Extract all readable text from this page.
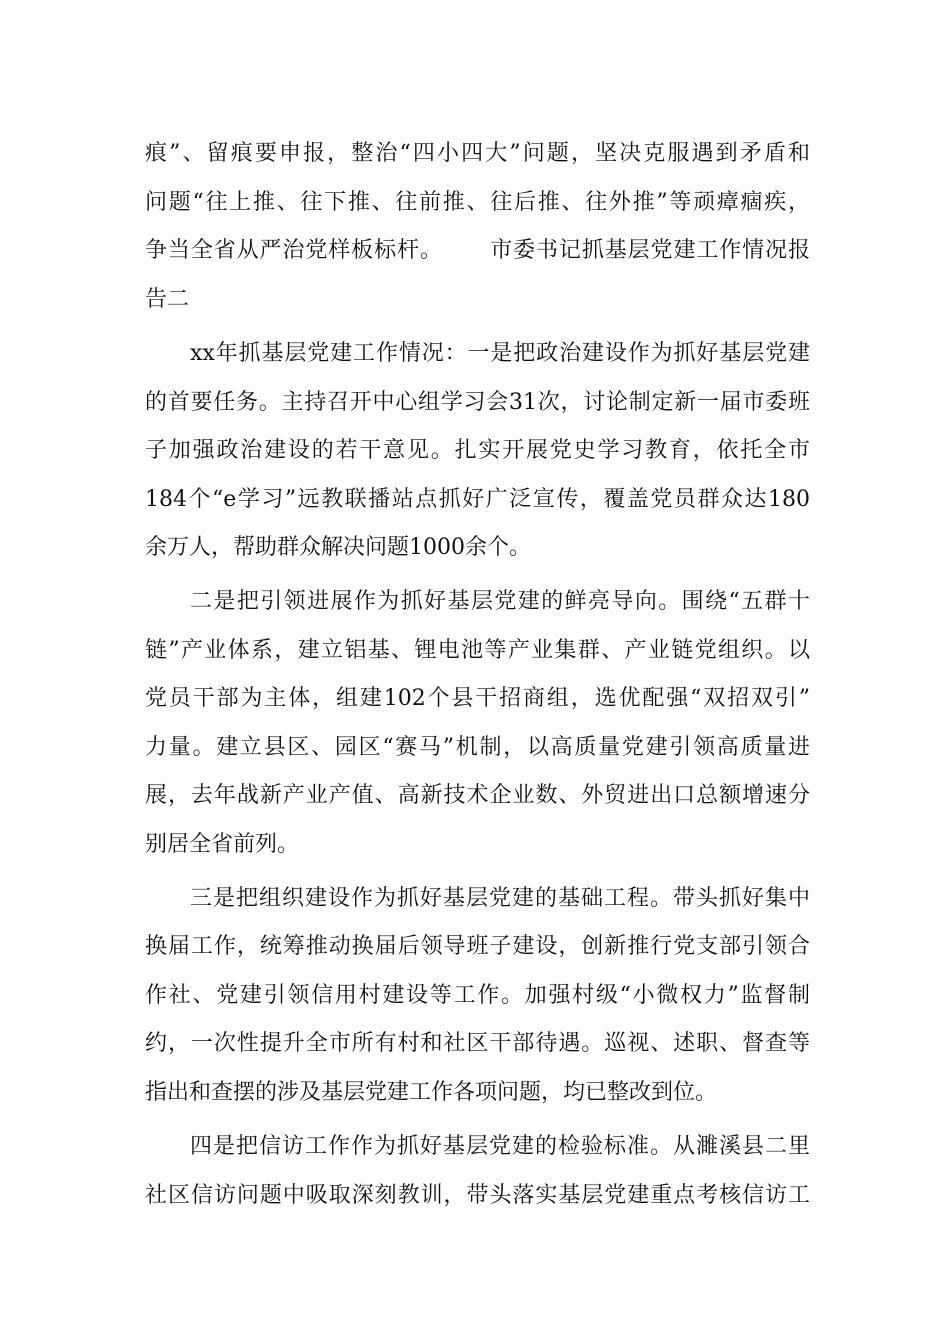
痕”、留痕要申报，整治“四小四大”问题，坚决克服遇到矛盾和

问题“往上推、往下推、往前推、往后推、往外推”等顽瘴痼疾，

争当全省从严治党样板标杆。      市委书记抓基层党建工作情况报

告二

xx年抓基层党建工作情况：一是把政治建设作为抓好基层党建

的首要任务。主持召开中心组学习会31次，讨论制定新一届市委班

子加强政治建设的若干意见。扎实开展党史学习教育，依托全市

184个“e学习”远教联播站点抓好广泛宣传，覆盖党员群众达180

余万人，帮助群众解决问题1000余个。

二是把引领进展作为抓好基层党建的鲜亮导向。围绕“五群十

链”产业体系，建立铝基、锂电池等产业集群、产业链党组织。以

党员干部为主体，组建102个县干招商组，选优配强“双招双引”

力量。建立县区、园区“赛马”机制，以高质量党建引领高质量进

展，去年战新产业产值、高新技术企业数、外贸进出口总额增速分

别居全省前列。

三是把组织建设作为抓好基层党建的基础工程。带头抓好集中

换届工作，统筹推动换届后领导班子建设，创新推行党支部引领合

作社、党建引领信用村建设等工作。加强村级“小微权力”监督制

约，一次性提升全市所有村和社区干部待遇。巡视、述职、督查等

指出和查摆的涉及基层党建工作各项问题，均已整改到位。

四是把信访工作作为抓好基层党建的检验标准。从濉溪县二里

社区信访问题中吸取深刻教训，带头落实基层党建重点考核信访工
